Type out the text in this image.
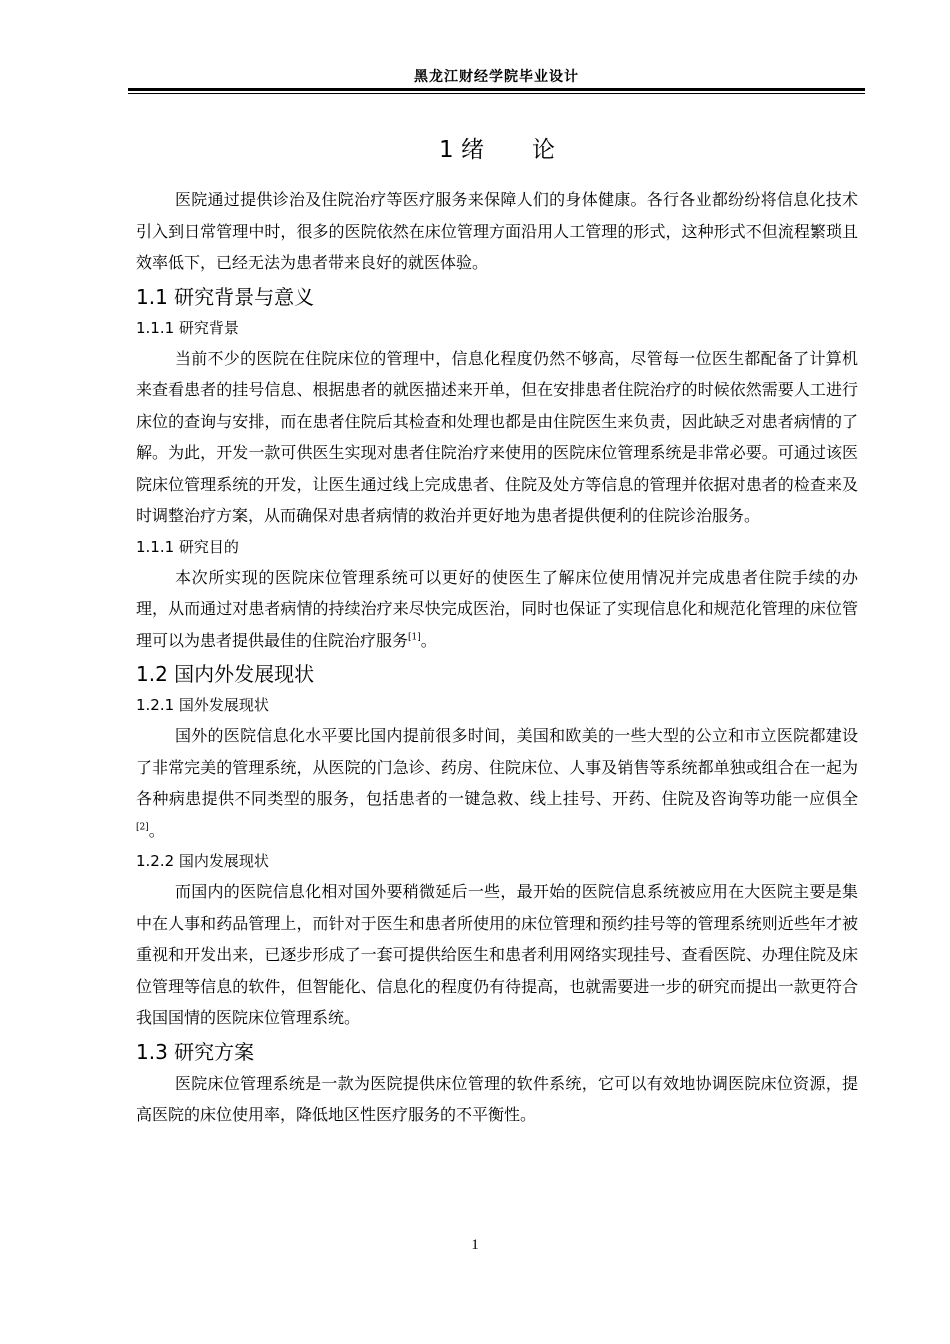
黑龙江财经学院毕业设计
1 绪 论

医院通过提供诊治及住院治疗等医疗服务来保障人们的身体健康。各行各业都纷纷将信息化技术引入到日常管理中时，很多的医院依然在床位管理方面沿用人工管理的形式，这种形式不但流程繁琐且效率低下，已经无法为患者带来良好的就医体验。

1.1 研究背景与意义
1.1.1 研究背景

当前不少的医院在住院床位的管理中，信息化程度仍然不够高，尽管每一位医生都配备了计算机来查看患者的挂号信息、根据患者的就医描述来开单，但在安排患者住院治疗的时候依然需要人工进行床位的查询与安排，而在患者住院后其检查和处理也都是由住院医生来负责，因此缺乏对患者病情的了解。为此，开发一款可供医生实现对患者住院治疗来使用的医院床位管理系统是非常必要。可通过该医院床位管理系统的开发，让医生通过线上完成患者、住院及处方等信息的管理并依据对患者的检查来及时调整治疗方案，从而确保对患者病情的救治并更好地为患者提供便利的住院诊治服务。

1.1.1 研究目的

本次所实现的医院床位管理系统可以更好的使医生了解床位使用情况并完成患者住院手续的办理，从而通过对患者病情的持续治疗来尽快完成医治，同时也保证了实现信息化和规范化管理的床位管理可以为患者提供最佳的住院治疗服务[1]。

1.2 国内外发展现状
1.2.1 国外发展现状

国外的医院信息化水平要比国内提前很多时间，美国和欧美的一些大型的公立和市立医院都建设了非常完美的管理系统，从医院的门急诊、药房、住院床位、人事及销售等系统都单独或组合在一起为各种病患提供不同类型的服务，包括患者的一键急救、线上挂号、开药、住院及咨询等功能一应俱全[2]。

1.2.2 国内发展现状

而国内的医院信息化相对国外要稍微延后一些，最开始的医院信息系统被应用在大医院主要是集中在人事和药品管理上，而针对于医生和患者所使用的床位管理和预约挂号等的管理系统则近些年才被重视和开发出来，已逐步形成了一套可提供给医生和患者利用网络实现挂号、查看医院、办理住院及床位管理等信息的软件，但智能化、信息化的程度仍有待提高，也就需要进一步的研究而提出一款更符合我国国情的医院床位管理系统。

1.3 研究方案

医院床位管理系统是一款为医院提供床位管理的软件系统，它可以有效地协调医院床位资源，提高医院的床位使用率，降低地区性医疗服务的不平衡性。

1
